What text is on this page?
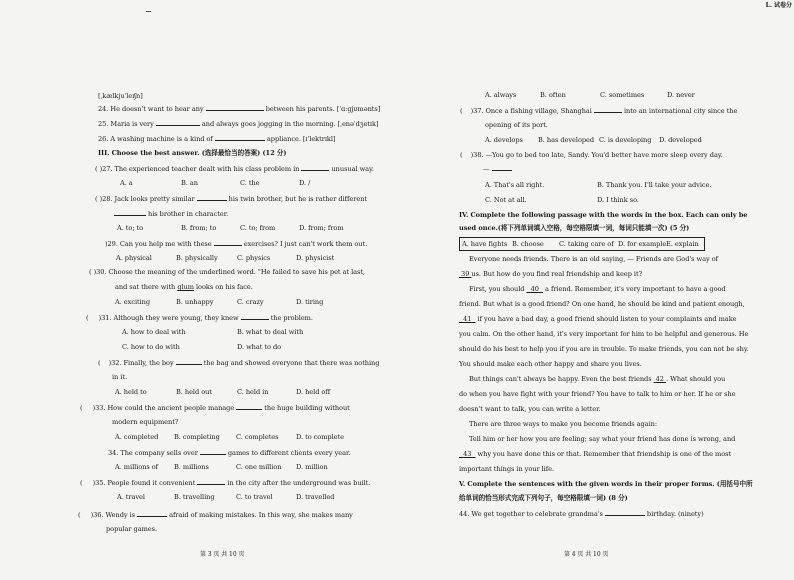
[ˌkælkjuˈleɪʃn]
24. He doesn't want to hear any	between his parents. [ˈɑːɡjʊmənts]
25. Maria is very	and always goes jogging in the morning. [ˌenəˈdʒetɪk]
26. A washing machine is a kind of	appliance. [ɪˈlektrɪkl]
III. Choose the best answer. (选择最恰当的答案) (12 分)
( )27. The experienced teacher dealt with his class problem in	unusual way.
A. a	B. an	C. the	D. /
( )28. Jack looks pretty similar	his twin brother, but he is rather different
his brother in character.
A. to; to	B. from; to	C. to; from	D. from; from
)29. Can you help me with these	exercises? I just can't work them out.
A. physical	B. physically	C. physics	D. physicist
( )30. Choose the meaning of the underlined word. "He failed to save his pet at last,
and sat there with glum looks on his face.
A. exciting	B. unhappy	C. crazy	D. tiring
( )31. Although they were young, they knew	the problem.
A. how to deal with	B. what to deal with
C. how to do with	D. what to do
( )32. Finally, the boy	the bag and showed everyone that there was nothing
in it.
A. held to	B. held out	C. held in	D. held off
( )33. How could the ancient people manage	the huge building without
modern equipment?
A. completed B. completing C. completes	D. to complete
34. The company sells over	games to different clients every year.
A. millions of B. millions	C. one million D. million
( )35. People found it convenient	in the city after the underground was built.
A. travel	B. travelling	C. to travel	D. travelled
( )36. Wendy is	afraid of making mistakes. In this way, she makes many
popular games.
第 3 页 共 10 页
L. 试卷分
A. always	B. often	C. sometimes	D. never
( )37. Once a fishing village, Shanghai	into an international city since the
opening of its port.
A. develops B. has developed C. is developing D. developed
( )38. —You go to bed too late, Sandy. You'd better have more sleep every day.
—
A. That's all right.	B. Thank you. I'll take your advice.
C. Not at all.	D. I think so.
IV. Complete the following passage with the words in the box. Each can only be
used once.(将下列单词填入空格，每空格限填一词，每词只能填一次) (5 分)
A. have fights B. choose C. taking care of D. for example E. explain
Everyone needs friends. There is an old saying, — Friends are God's way of
39 us. But how do you find real friendship and keep it?
First, you should 40 a friend. Remember, it's very important to have a good
friend. But what is a good friend? On one hand, he should be kind and patient enough,
41 if you have a bad day, a good friend should listen to your complaints and make
you calm. On the other hand, it's very important for him to be helpful and generous. He
should do his best to help you if you are in trouble. To make friends, you can not be shy.
You should make each other happy and share you lives.
But things can't always be happy. Even the best friends 42 . What should you
do when you have fight with your friend? You have to talk to him or her. If he or she
doesn't want to talk, you can write a letter.
There are three ways to make you become friends again:
Tell him or her how you are feeling; say what your friend has done is wrong, and
43 why you have done this or that. Remember that friendship is one of the most
important things in your life.
V. Complete the sentences with the given words in their proper forms. (用括号中所
给单词的恰当形式完成下列句子，每空格限填一词) (8 分)
44. We get together to celebrate grandma's	birthday. (ninety)
第 4 页 共 10 页
